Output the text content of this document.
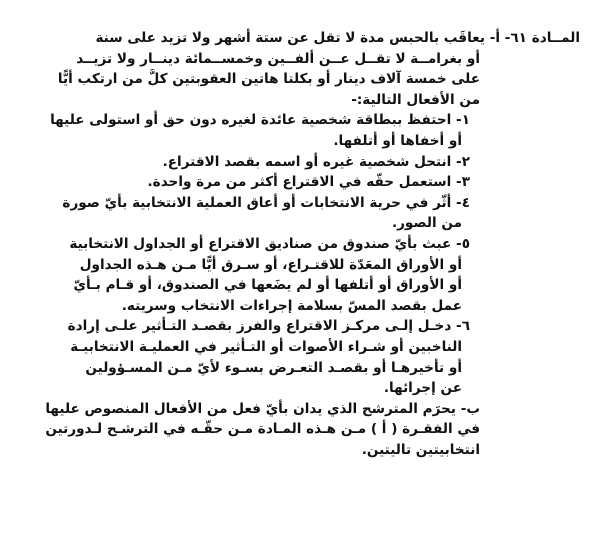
المــادة ٦١- أ- يعاقَب بالحبس مدة لا تقل عن ستة أشهر ولا تزيد على سنة
أو بغرامــة لا تقــل عــن ألفــين وخمســمائة دينــار ولا تزيــد
على خمسة آلاف دينار أو بكلتا هاتين العقوبتين كلُّ من ارتكب أيًّا
من الأفعال التالية:-
١- احتفظ ببطاقة شخصية عائدة لغيره دون حق أو استولى عليها
أو أخفاها أو أتلفها.
٢- انتحل شخصية غيره أو اسمه بقصد الاقتراع.
٣- استعمل حقّه في الاقتراع أكثر من مرة واحدة.
٤- أثّر في حرية الانتخابات أو أعاق العملية الانتخابية بأيّ صورة
من الصور.
٥- عبث بأيّ صندوق من صناديق الاقتراع أو الجداول الانتخابية
أو الأوراق المعَدّة للاقتـراع، أو سـرق أيًّا مـن هـذه الجداول
أو الأوراق أو أتلفها أو لم يضَعها في الصندوق، أو قـام بـأيّ
عمل بقصد المسّ بسلامة إجراءات الانتخاب وسريته.
٦- دخـل إلـى مركـز الاقتراع والفرز بقصـد التـأثير علـى إرادة
الناخبين أو شـراء الأصوات أو التـأثير في العمليـة الانتخابيـة
أو تأخيرهـا أو بقصـد التعـرض بسـوء لأيّ مـن المسـؤولين
عن إجرائها.
ب- يحرَم المترشح الذي يدان بأيّ فعل من الأفعال المنصوص عليها
في الفقـرة ( أ ) مـن هـذه المـادة مـن حقّـه في الترشـح لـدورتين
انتخابيتين تاليتين.
